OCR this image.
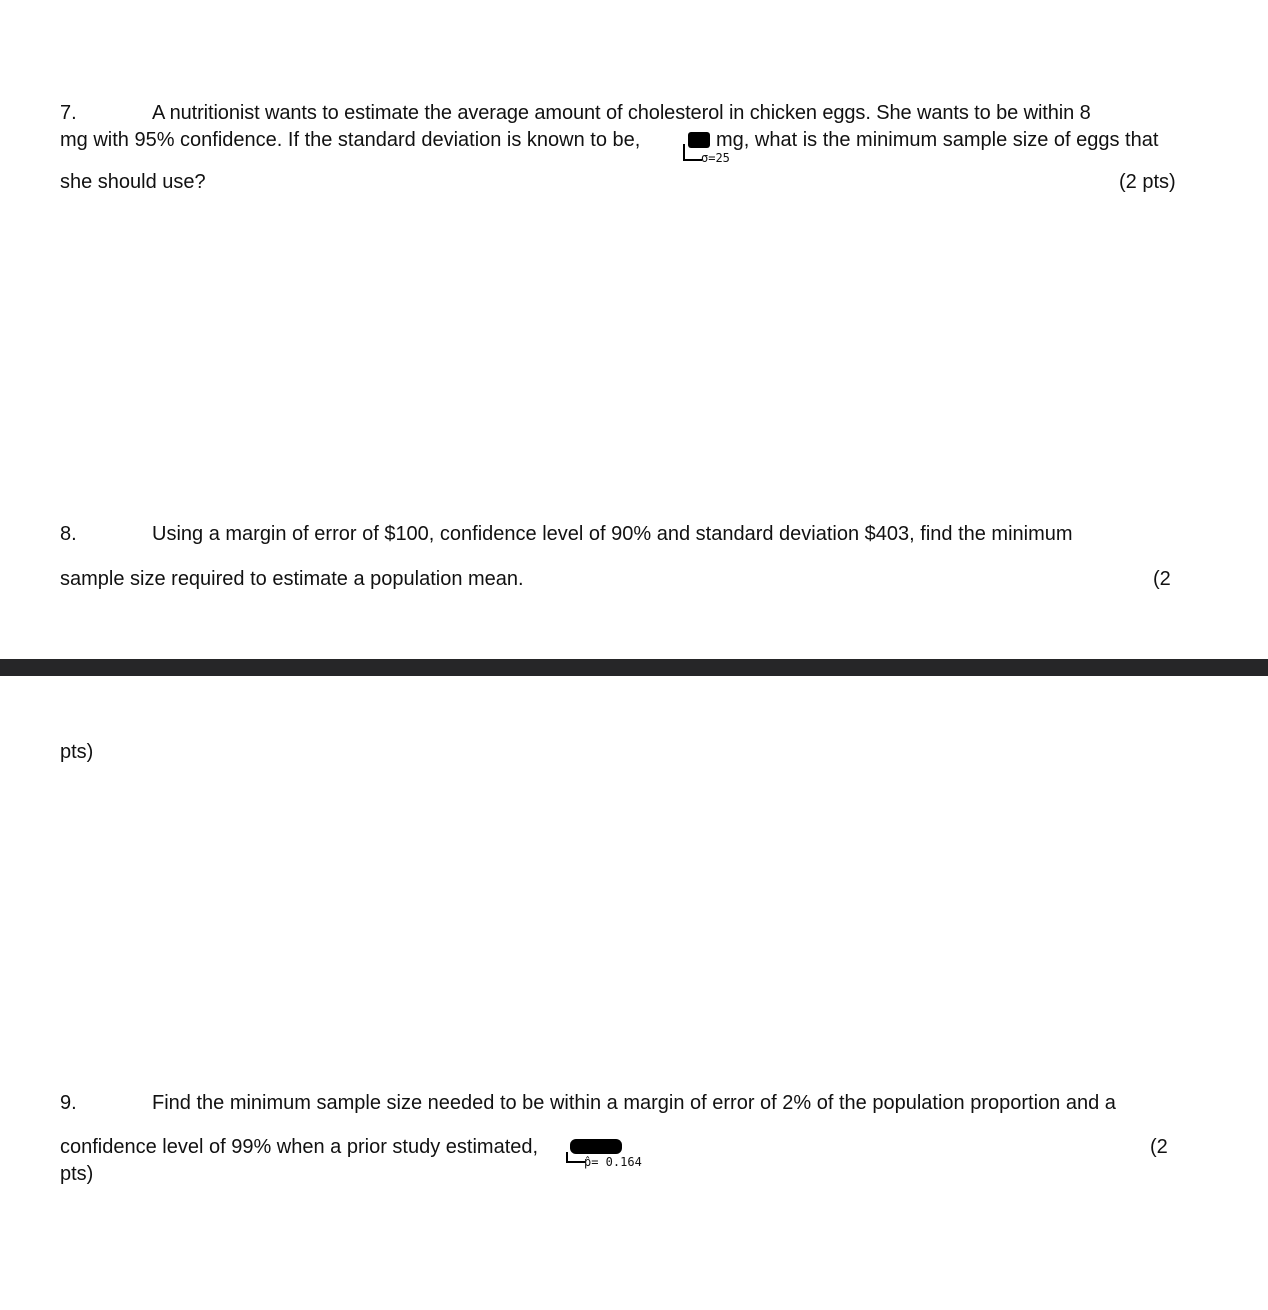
7.	A nutritionist wants to estimate the average amount of cholesterol in chicken eggs. She wants to be within 8
mg with 95% confidence. If the standard deviation is known to be,
σ=25
mg, what is the minimum sample size of eggs that
she should use?	(2 pts)
8.	Using a margin of error of $100, confidence level of 90% and standard deviation $403, find the minimum
sample size required to estimate a population mean.	(2
pts)
9.	Find the minimum sample size needed to be within a margin of error of 2% of the population proportion and a
confidence level of 99% when a prior study estimated,
p̂= 0.164
(2
pts)
